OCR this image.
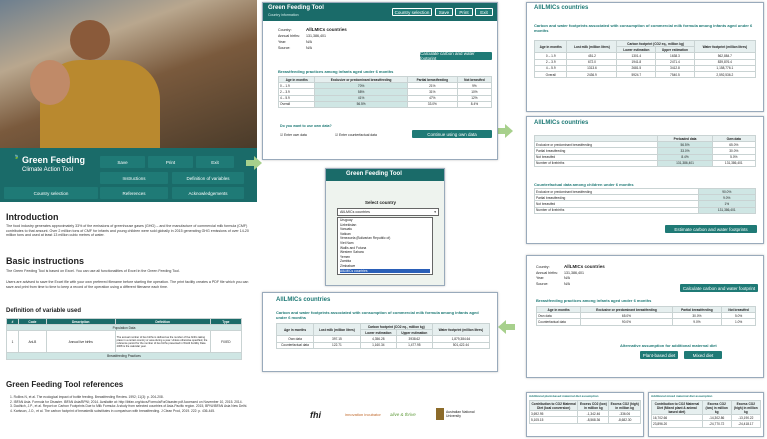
🍃 Green Feeding
Climate Action Tool
Save	Print	Exit
Instructions	Definition of variables
Country selection	References	Acknowledgements
Introduction
The food industry generates approximately 33% of the emissions of greenhouse gases (GHG) – and the manufacture of commercial milk formula (CMF) contributes to that amount. Over 2 million tons of CMF for infants and young children were sold globally in 2015 generating GHG emissions of over 14-20 million tons and used at least 13 million cubic metres of water.
Basic instructions
The Green Feeding Tool is based on Excel. You can use all functionalities of Excel in the Green Feeding Tool.
Users are advised to save the Excel file with your own preferred filename before starting the operation. The print facility creates a PDF file which you can save and print from time to time to keep a record of the operation using a different filename each time.
Definition of variable used
#	Code	Description	Definition	Type
Population Data				
1	AnLB	Annual live births	The annual number of live births is defined as the number of live births taking place in a certain country or area during a year. Unless otherwise specified, the reference period for the number of live births presented in World Fertility Data 2008 is the calendar year.	FIXED
Breastfeeding Practices				
Green Feeding Tool references
1. Rollins N, et al. The ecological impact of bottle feeding. Breastfeeding Review. 1992; 11(3): p. 204-208.
2. IBFAN Asia. Formula for Disaster. IBFAN Asia/BPNI; 2014. Available at: http://ibfan.org/docs/FormulaForDisaster.pdf Accessed on November 10, 2015. 2014.
3. Dadhich, J.P., et al. Report on Carbon Footprints Due to Milk Formula: A study from selected countries of Asia-Pacific region. 2015, BPNI/IBFAN Asia New Delhi.
4. Karlsson, J.O., et al. The carbon footprint of breastmilk substitutes in comparison with breastfeeding. J Clean Prod, 2019. 222: p. 436-445.
Green Feeding Tool
Country information
Country selection	Save	Print	Exit
Country:	AllLMICs countries
Annual births: 131,386,401
Year:	N/A
Source:	N/A
Calculate carbon and water footprint
Breastfeeding practices among infants aged under 6 months
Age in months	Exclusive or predominant breastfeeding	Partial breastfeeding	Not breastfed
0 – 1.9	70%	21%	9%
2 – 3.9	58%	31%	10%
4 – 5.9	41%	47%	12%
Overall	56.5%	33.0%	8.4%
Do you want to use own data?
☑ Enter own data	☑ Enter counterfactual data	Continue using own data
Green Feeding Tool
Select country
AllLMICs countries	▾
Uruguay
Uzbekistan
Vanuatu
Vatican
Venezuela (Bolivarian Republic of)
Viet Nam
Wallis and Futuna
Western Sahara
Yemen
Zambia
Zimbabwe
AllLMICs countries
AllLMICs countries
Carbon and water footprints associated with consumption of commercial milk formula among infants aged under 6 months
Age in months	Lost milk (million litres)	Carbon footprint (CO2 eq., million kg)		Water footprint (million litres)
		Lower estimation	Upper estimation	
0 – 1.9	451.2	1301.4	1638.3	562,884.7
2 – 3.9	672.0	1941.8	2471.4	839,876.4
4 – 5.9	1313.6	2681.5	3412.8	1,158,776.1
Overall	2436.9	5924.7	7540.5	2,592,536.2
AllLMICs countries
	Preloaded data	Own data
Exclusive or predominant breastfeeding	56.5%	65.0%
Partial breastfeeding	33.0%	30.0%
Not breastfed	8.4%	5.0%
Number of livebirths	131,386,401	131,386,401
Counterfactual data among children under 6 months
Exclusive or predominant breastfeeding	90.0%
Partial breastfeeding	9.0%
Not breastfed	1%
Number of livebirths	131,386,401
Estimate carbon and water footprints
AllLMICs countries
Carbon and water footprints associated with consumption of commercial milk formula among infants aged under 6 months
Age in months	Lost milk (million litres)	Carbon footprint (CO2 eq., million kg)		Water footprint (million litres)
		Lower estimation	Upper estimation	
Own data	397.15	4,356.28	3938.62	1,879,384.64
Counterfactual data	122.71	1,160.34	1,477.95	501,422.44
Country:	AllLMICs countries
Annual births: 131,386,401
Year:	N/A
Source:	N/A
Calculate carbon and water footprint
Breastfeeding practices among infants aged under 6 months
Age in months	Exclusive or predominant breastfeeding	Partial breastfeeding	Not breastfed
Own data	65.0%	30.0%	5.0%
Counterfactual data	90.0%	9.0%	1.0%
Alternative assumption for additional maternal diet
Plant-based diet	Mixed diet
Additional plant-based maternal diet assumption
Contribution to CO2 Maternal Diet (kcal conversion)	Excess CO2 (low) in million kg	Excess CO2 (high) in million kg
3,692.95	-1,342.46	-336.06
5,105.15	-8,568.36	-8,682.30
Additional mixed maternal diet assumption
Contribution to CO2 Maternal Diet (Mixed plant & animal based diet)	Excess CO2 (low) in million kg	Excess CO2 (high) in million kg
16,702.66	-14,302.86	-13,190.22
23,896.20	-24,770.72	-24,418.17
fhi	innovation incubator alive & thrive	Australian National University
